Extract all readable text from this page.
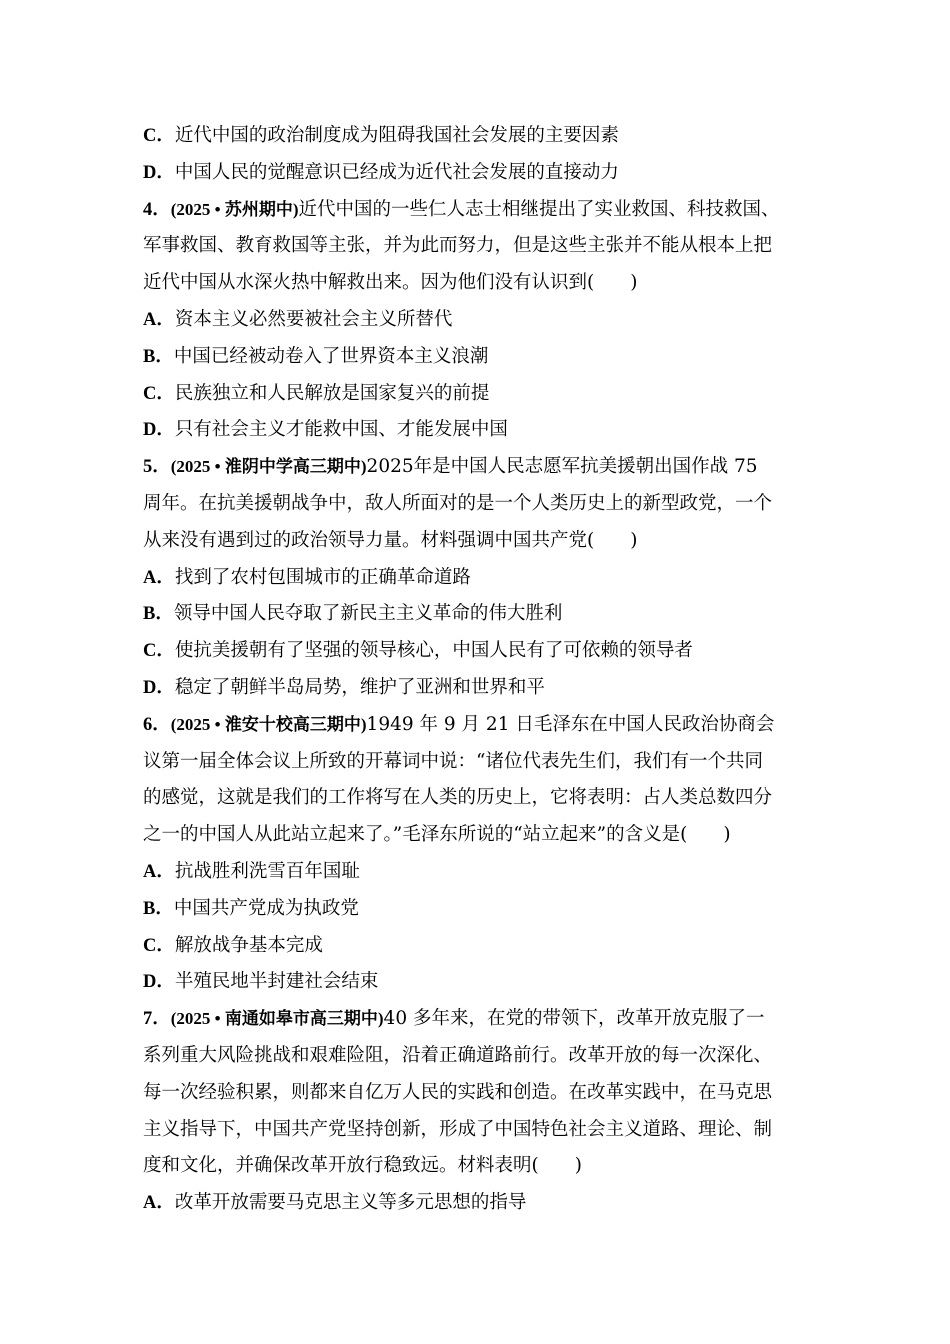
C．近代中国的政治制度成为阻碍我国社会发展的主要因素
D．中国人民的觉醒意识已经成为近代社会发展的直接动力
4．(2025 • 苏州期中)近代中国的一些仁人志士相继提出了实业救国、科技救国、
军事救国、教育救国等主张，并为此而努力，但是这些主张并不能从根本上把
近代中国从水深火热中解救出来。因为他们没有认识到( )
A．资本主义必然要被社会主义所替代
B．中国已经被动卷入了世界资本主义浪潮
C．民族独立和人民解放是国家复兴的前提
D．只有社会主义才能救中国、才能发展中国
5．(2025 • 淮阴中学高三期中)2025年是中国人民志愿军抗美援朝出国作战 75
周年。在抗美援朝战争中，敌人所面对的是一个人类历史上的新型政党，一个
从来没有遇到过的政治领导力量。材料强调中国共产党( )
A．找到了农村包围城市的正确革命道路
B．领导中国人民夺取了新民主主义革命的伟大胜利
C．使抗美援朝有了坚强的领导核心，中国人民有了可依赖的领导者
D．稳定了朝鲜半岛局势，维护了亚洲和世界和平
6．(2025 • 淮安十校高三期中)1949 年 9 月 21 日毛泽东在中国人民政治协商会
议第一届全体会议上所致的开幕词中说：“诸位代表先生们，我们有一个共同
的感觉，这就是我们的工作将写在人类的历史上，它将表明：占人类总数四分
之一的中国人从此站立起来了。”毛泽东所说的“站立起来”的含义是( )
A．抗战胜利洗雪百年国耻
B．中国共产党成为执政党
C．解放战争基本完成
D．半殖民地半封建社会结束
7．(2025 • 南通如皋市高三期中)40 多年来，在党的带领下，改革开放克服了一
系列重大风险挑战和艰难险阻，沿着正确道路前行。改革开放的每一次深化、
每一次经验积累，则都来自亿万人民的实践和创造。在改革实践中，在马克思
主义指导下，中国共产党坚持创新，形成了中国特色社会主义道路、理论、制
度和文化，并确保改革开放行稳致远。材料表明( )
A．改革开放需要马克思主义等多元思想的指导
